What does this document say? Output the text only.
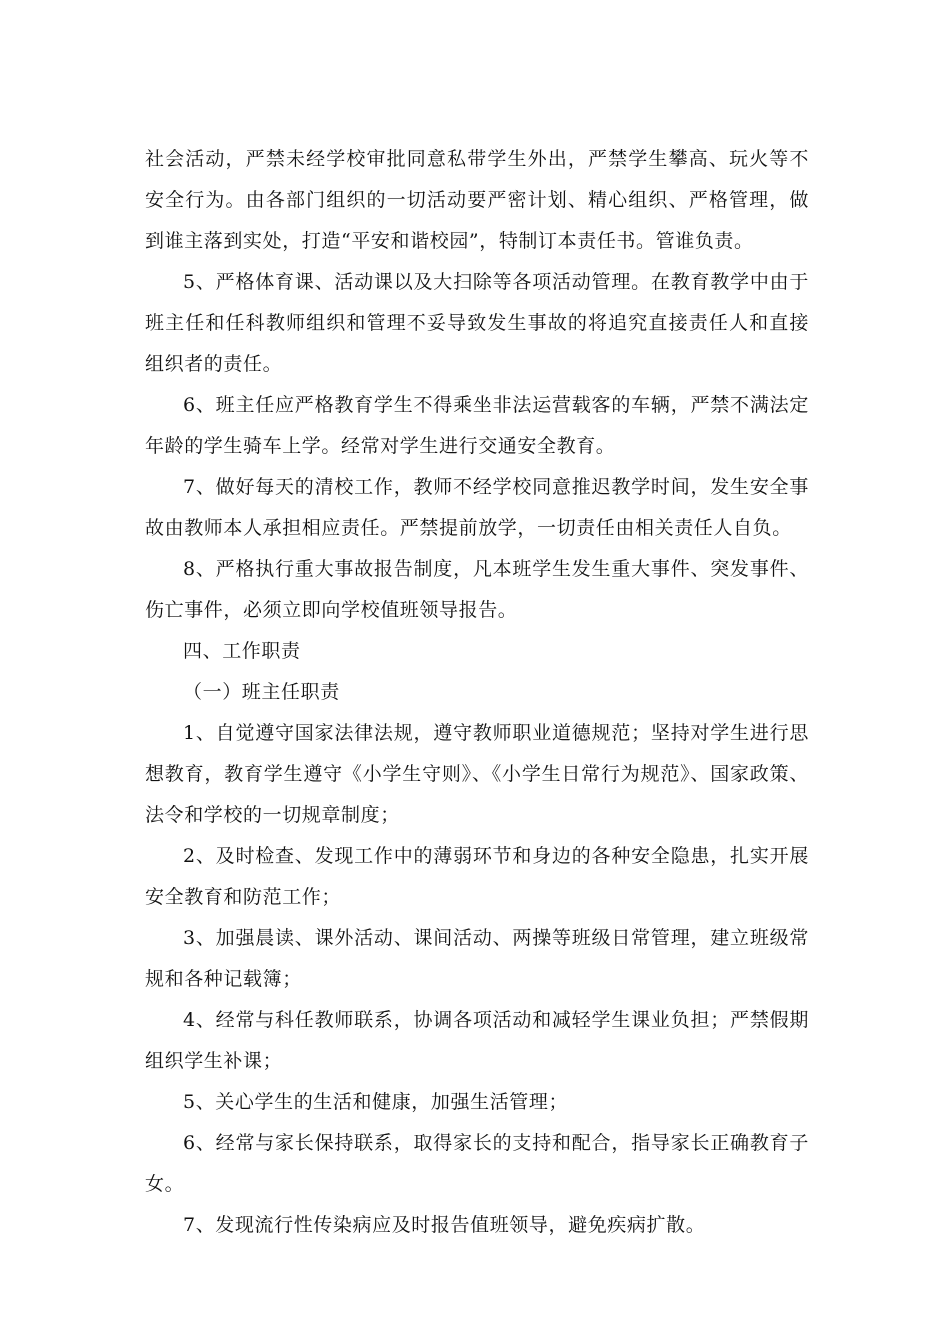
社会活动，严禁未经学校审批同意私带学生外出，严禁学生攀高、玩火等不安全行为。由各部门组织的一切活动要严密计划、精心组织、严格管理，做到谁主落到实处，打造“平安和谐校园”，特制订本责任书。管谁负责。

5、严格体育课、活动课以及大扫除等各项活动管理。在教育教学中由于班主任和任科教师组织和管理不妥导致发生事故的将追究直接责任人和直接组织者的责任。

6、班主任应严格教育学生不得乘坐非法运营载客的车辆，严禁不满法定年龄的学生骑车上学。经常对学生进行交通安全教育。

7、做好每天的清校工作，教师不经学校同意推迟教学时间，发生安全事故由教师本人承担相应责任。严禁提前放学，一切责任由相关责任人自负。

8、严格执行重大事故报告制度，凡本班学生发生重大事件、突发事件、伤亡事件，必须立即向学校值班领导报告。

四、工作职责

（一）班主任职责

1、自觉遵守国家法律法规，遵守教师职业道德规范；坚持对学生进行思想教育，教育学生遵守《小学生守则》、《小学生日常行为规范》、国家政策、法令和学校的一切规章制度；

2、及时检查、发现工作中的薄弱环节和身边的各种安全隐患，扎实开展安全教育和防范工作；

3、加强晨读、课外活动、课间活动、两操等班级日常管理，建立班级常规和各种记载簿；

4、经常与科任教师联系，协调各项活动和减轻学生课业负担；严禁假期组织学生补课；

5、关心学生的生活和健康，加强生活管理；

6、经常与家长保持联系，取得家长的支持和配合，指导家长正确教育子女。

7、发现流行性传染病应及时报告值班领导，避免疾病扩散。
